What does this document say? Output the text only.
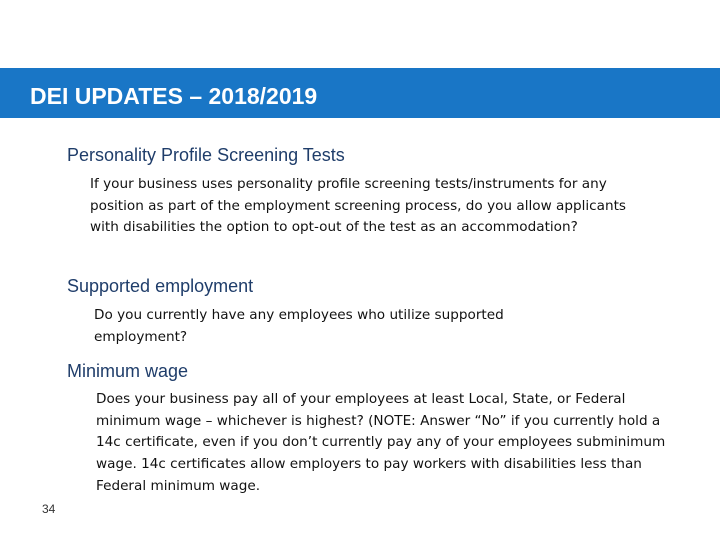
DEI UPDATES – 2018/2019
Personality Profile Screening Tests

If your business uses personality profile screening tests/instruments for any position as part of the employment screening process, do you allow applicants with disabilities the option to opt-out of the test as an accommodation?

Supported employment

Do you currently have any employees who utilize supported employment?

Minimum wage

Does your business pay all of your employees at least Local, State, or Federal minimum wage – whichever is highest? (NOTE: Answer “No” if you currently hold a 14c certificate, even if you don’t currently pay any of your employees subminimum wage. 14c certificates allow employers to pay workers with disabilities less than Federal minimum wage.

34
